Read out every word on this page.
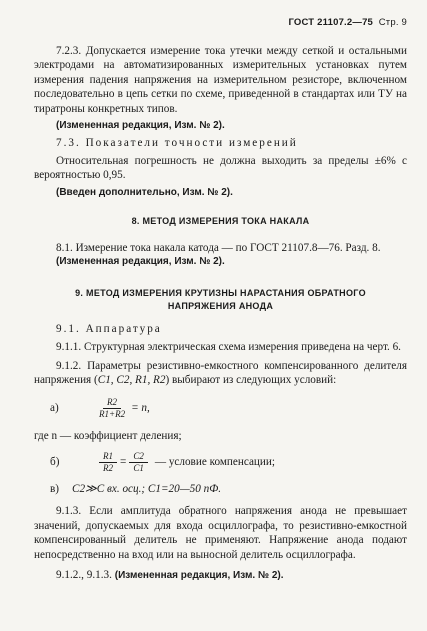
ГОСТ 21107.2—75 Стр. 9

7.2.3. Допускается измерение тока утечки между сеткой и остальными электродами на автоматизированных измерительных установках путем измерения падения напряжения на измерительном резисторе, включенном последовательно в цепь сетки по схеме, приведенной в стандартах или ТУ на тиратроны конкретных типов.

(Измененная редакция, Изм. № 2).

7.3. Показатели точности измерений

Относительная погрешность не должна выходить за пределы ±6% с вероятностью 0,95.

(Введен дополнительно, Изм. № 2).

8. МЕТОД ИЗМЕРЕНИЯ ТОКА НАКАЛА

8.1. Измерение тока накала катода — по ГОСТ 21107.8—76. Разд. 8.

(Измененная редакция, Изм. № 2).

9. МЕТОД ИЗМЕРЕНИЯ КРУТИЗНЫ НАРАСТАНИЯ ОБРАТНОГО
НАПРЯЖЕНИЯ АНОДА

9.1. Аппаратура

9.1.1. Структурная электрическая схема измерения приведена на черт. 6.

9.1.2. Параметры резистивно-емкостного компенсированного делителя напряжения (C1, C2, R1, R2) выбирают из следующих условий:

а)	$\frac{R2}{R1+R2} = n$,

где n — коэффициент деления;

б)	$\frac{R1}{R2} = \frac{C2}{C1}$ — условие компенсации;
в)	C2≫C вх. осц.;
C1=20—50 пФ.

9.1.3. Если амплитуда обратного напряжения анода не превышает значений, допускаемых для входа осциллографа, то резистивно-емкостной компенсированный делитель не применяют. Напряжение анода подают непосредственно на вход или на выносной делитель осциллографа.

9.1.2., 9.1.3. (Измененная редакция, Изм. № 2).
